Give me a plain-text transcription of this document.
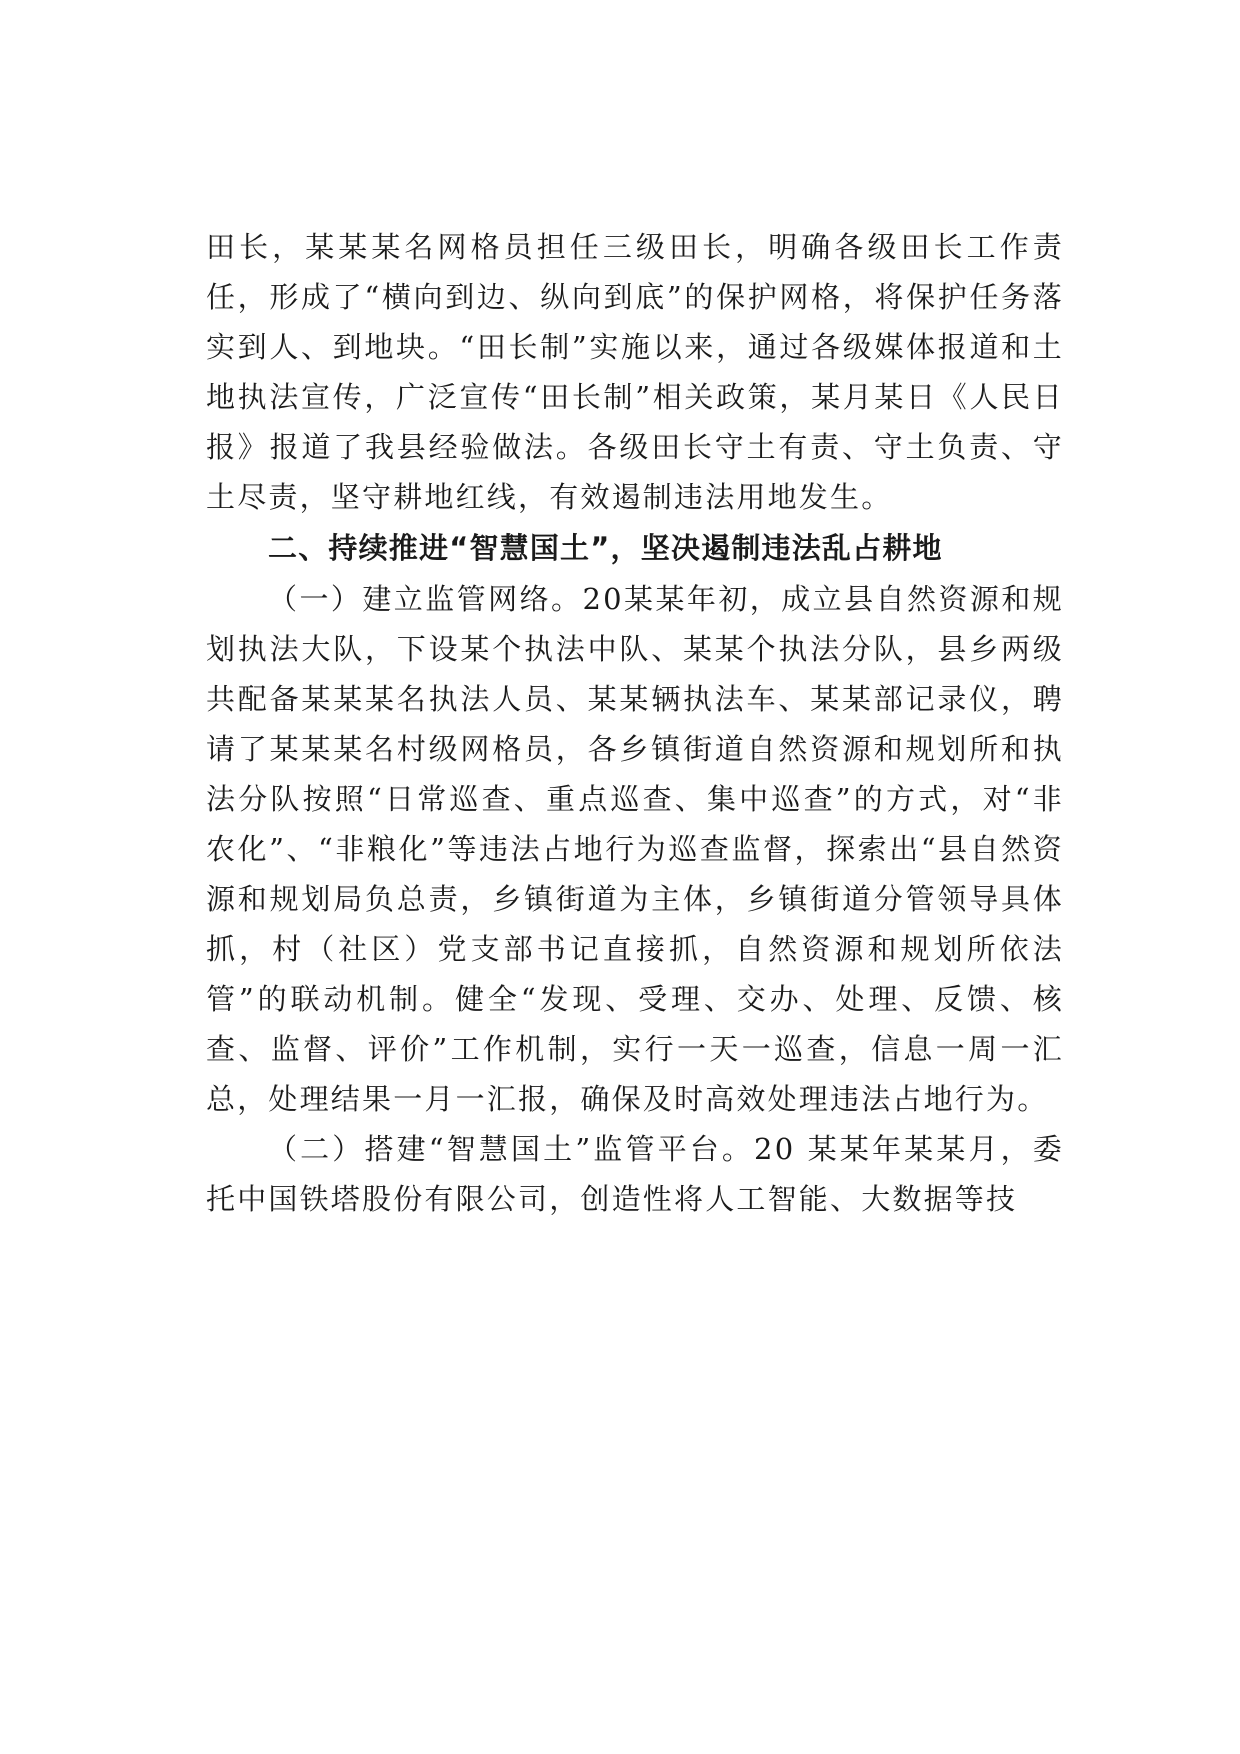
田长，某某某名网格员担任三级田长，明确各级田长工作责任，形成了“横向到边、纵向到底”的保护网格，将保护任务落实到人、到地块。“田长制”实施以来，通过各级媒体报道和土地执法宣传，广泛宣传“田长制”相关政策，某月某日《人民日报》报道了我县经验做法。各级田长守土有责、守土负责、守土尽责，坚守耕地红线，有效遏制违法用地发生。

二、持续推进“智慧国土”，坚决遏制违法乱占耕地

（一）建立监管网络。20某某年初，成立县自然资源和规划执法大队，下设某个执法中队、某某个执法分队，县乡两级共配备某某某名执法人员、某某辆执法车、某某部记录仪，聘请了某某某名村级网格员，各乡镇街道自然资源和规划所和执法分队按照“日常巡查、重点巡查、集中巡查”的方式，对“非农化”、“非粮化”等违法占地行为巡查监督，探索出“县自然资源和规划局负总责，乡镇街道为主体，乡镇街道分管领导具体抓，村（社区）党支部书记直接抓，自然资源和规划所依法管”的联动机制。健全“发现、受理、交办、处理、反馈、核查、监督、评价”工作机制，实行一天一巡查，信息一周一汇总，处理结果一月一汇报，确保及时高效处理违法占地行为。

（二）搭建“智慧国土”监管平台。20 某某年某某月，委托中国铁塔股份有限公司，创造性将人工智能、大数据等技
